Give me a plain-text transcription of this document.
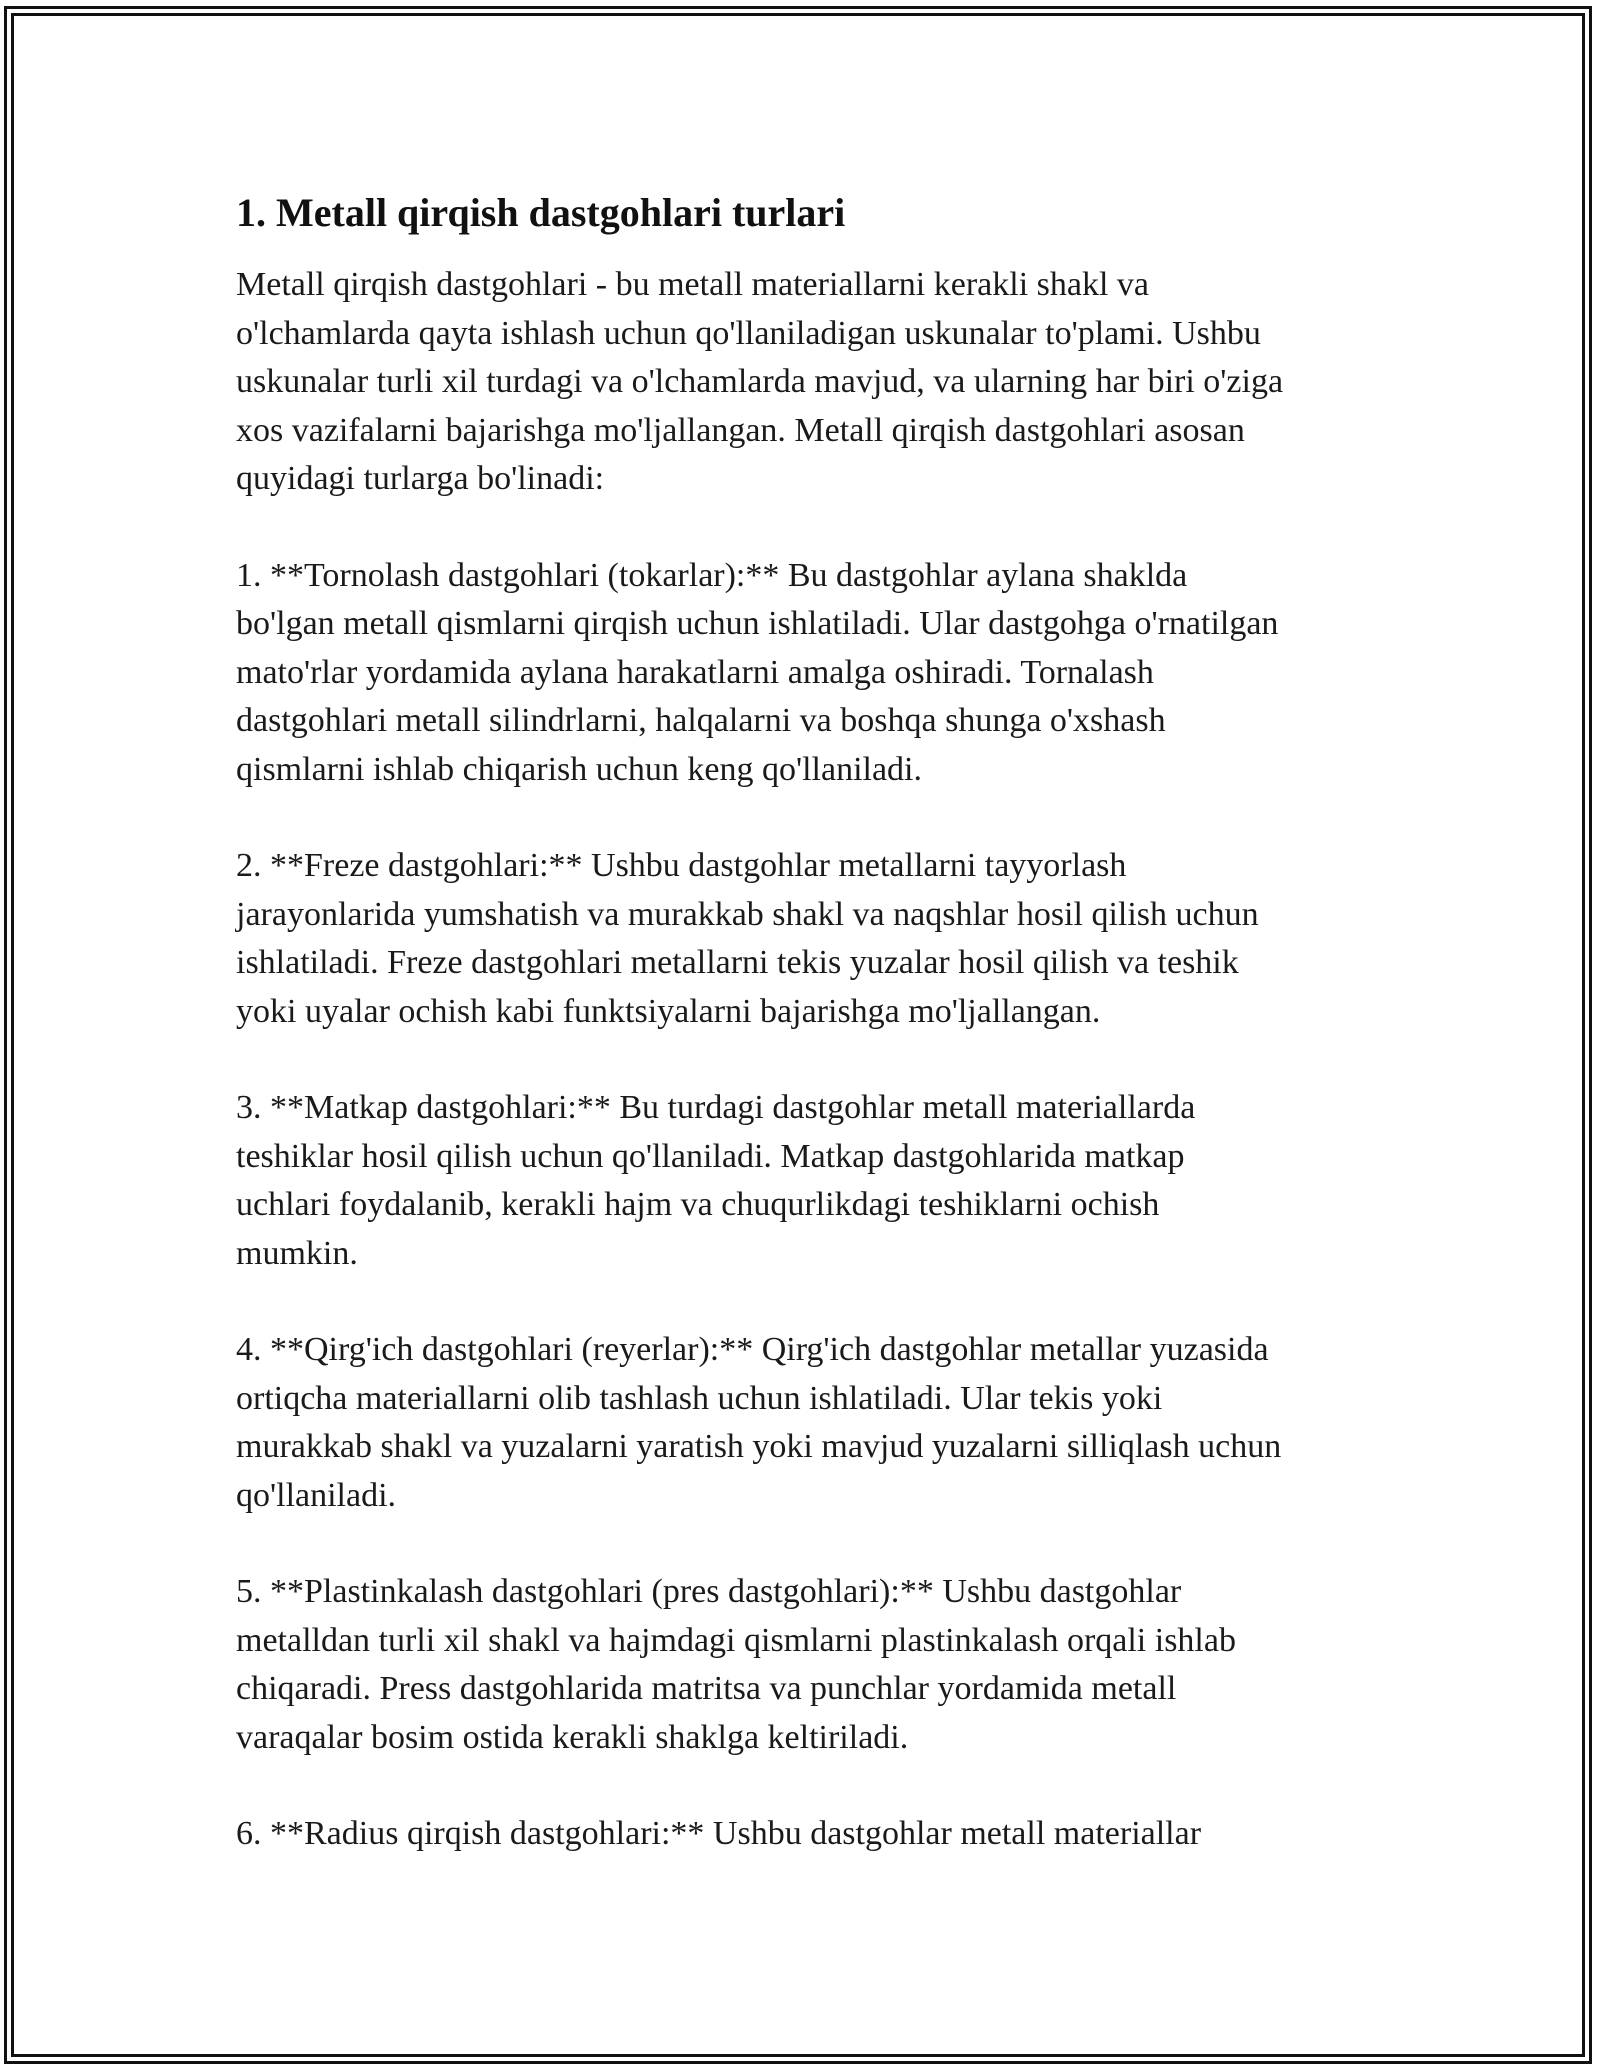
1. Metall qirqish dastgohlari turlari

Metall qirqish dastgohlari - bu metall materiallarni kerakli shakl va
o'lchamlarda qayta ishlash uchun qo'llaniladigan uskunalar to'plami. Ushbu
uskunalar turli xil turdagi va o'lchamlarda mavjud, va ularning har biri o'ziga
xos vazifalarni bajarishga mo'ljallangan. Metall qirqish dastgohlari asosan
quyidagi turlarga bo'linadi:

1. **Tornolash dastgohlari (tokarlar):** Bu dastgohlar aylana shaklda
bo'lgan metall qismlarni qirqish uchun ishlatiladi. Ular dastgohga o'rnatilgan
mato'rlar yordamida aylana harakatlarni amalga oshiradi. Tornalash
dastgohlari metall silindrlarni, halqalarni va boshqa shunga o'xshash
qismlarni ishlab chiqarish uchun keng qo'llaniladi.

2. **Freze dastgohlari:** Ushbu dastgohlar metallarni tayyorlash
jarayonlarida yumshatish va murakkab shakl va naqshlar hosil qilish uchun
ishlatiladi. Freze dastgohlari metallarni tekis yuzalar hosil qilish va teshik
yoki uyalar ochish kabi funktsiyalarni bajarishga mo'ljallangan.

3. **Matkap dastgohlari:** Bu turdagi dastgohlar metall materiallarda
teshiklar hosil qilish uchun qo'llaniladi. Matkap dastgohlarida matkap
uchlari foydalanib, kerakli hajm va chuqurlikdagi teshiklarni ochish
mumkin.

4. **Qirg'ich dastgohlari (reyerlar):** Qirg'ich dastgohlar metallar yuzasida
ortiqcha materiallarni olib tashlash uchun ishlatiladi. Ular tekis yoki
murakkab shakl va yuzalarni yaratish yoki mavjud yuzalarni silliqlash uchun
qo'llaniladi.

5. **Plastinkalash dastgohlari (pres dastgohlari):** Ushbu dastgohlar
metalldan turli xil shakl va hajmdagi qismlarni plastinkalash orqali ishlab
chiqaradi. Press dastgohlarida matritsa va punchlar yordamida metall
varaqalar bosim ostida kerakli shaklga keltiriladi.

6. **Radius qirqish dastgohlari:** Ushbu dastgohlar metall materiallar
